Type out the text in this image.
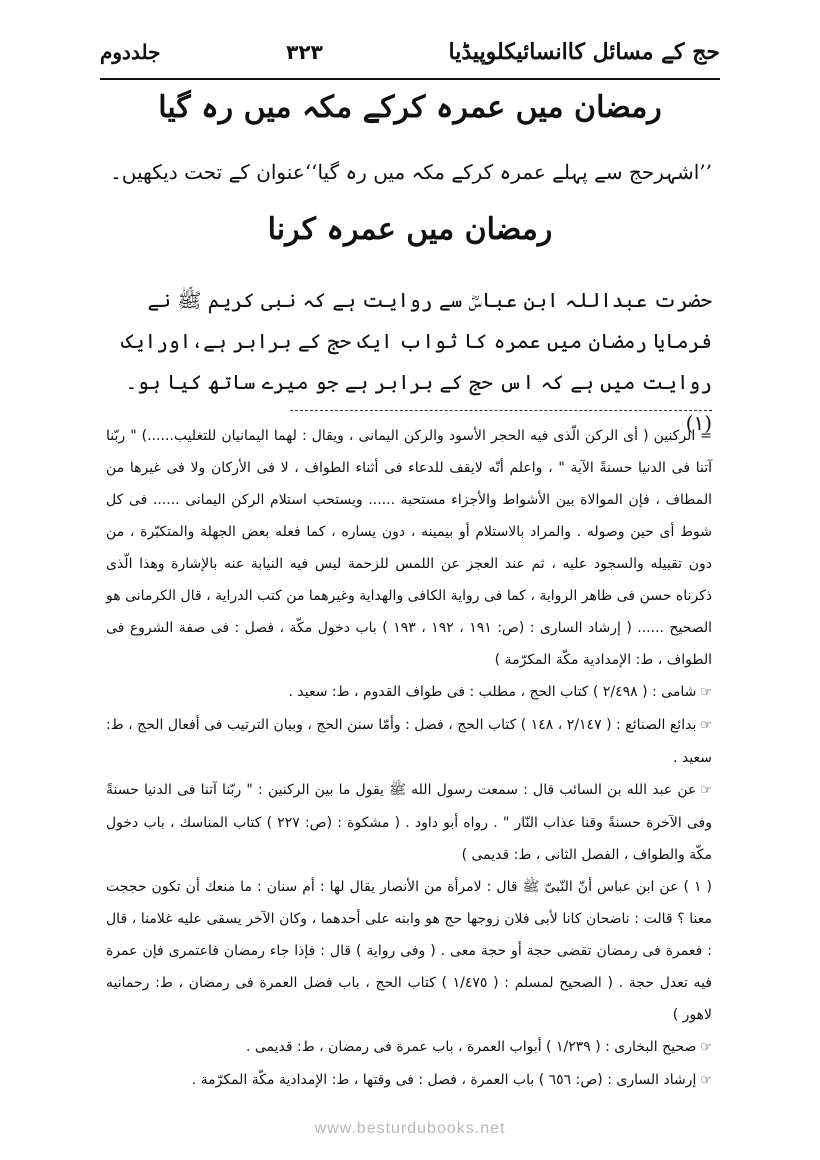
حج کے مسائل کاانسائیکلوپیڈیا
۳۲۳
جلددوم
رمضان میں عمرہ کرکے مکہ میں رہ گیا
’’اشہرحج سے پہلے عمرہ کرکے مکہ میں رہ گیا‘‘عنوان کے تحت دیکھیں۔
رمضان میں عمرہ کرنا
حضرت عبداللہ ابن عباسؓ سے روایت ہے کہ نبی کریم ﷺ نے فرمایا رمضان میں عمرہ کا ثواب ایک حج کے برابر ہے،اورایک روایت میں ہے کہ اس حج کے برابر ہے جو میرے ساتھ کیا ہو۔(۱)

= الركنين ( أى الركن الّذى فيه الحجر الأسود والركن اليمانى ، ويقال : لهما اليمانيان للتغليب......) " ربّنا آتنا فى الدنيا حسنةً الآية " ، واعلم أنّه لايقف للدعاء فى أثناء الطواف ، لا فى الأركان ولا فى غيرها من المطاف ، فإن الموالاة بين الأشواط والأجزاء مستحبة ...... ويستحب استلام الركن اليمانى ...... فى كل شوط أى حين وصوله . والمراد بالاستلام أو بيمينه ، دون يساره ، كما فعله بعض الجهلة والمتكبّرة ، من دون تقبيله والسجود عليه ، ثم عند العجز عن اللمس للزحمة ليس فيه النيابة عنه بالإشارة وهذا الّذى ذكرناه حسن فى ظاهر الرواية ، كما فى رواية الكافى والهداية وغيرهما من كتب الدراية ، قال الكرمانى هو الصحيح ...... ( إرشاد السارى : (ص: ١٩١ ، ١٩٢ ، ١٩٣ ) باب دخول مكّة ، فصل : فى صفة الشروع فى الطواف ، ط: الإمدادية مكّة المكرّمة )

☞شامى : ( ٢/٤٩٨ ) كتاب الحج ، مطلب : فى طواف القدوم ، ط: سعيد .

☞بدائع الصنائع : ( ٢/١٤٧ ، ١٤٨ ) كتاب الحج ، فصل : وأمّا سنن الحج ، وبيان الترتيب فى أفعال الحج ، ط: سعيد .

☞عن عبد الله بن السائب قال : سمعت رسول الله ﷺ يقول ما بين الركنين : " ربّنا آتنا فى الدنيا حسنةً وفى الآخرة حسنةً وقنا عذاب النّار " . رواه أبو داود . ( مشكوة : (ص: ٢٢٧ ) كتاب المناسك ، باب دخول مكّة والطواف ، الفصل الثانى ، ط: قديمى )

( ١ ) عن ابن عباس أنّ النّبىّ ﷺ قال : لامرأة من الأنصار يقال لها : أم سنان : ما منعك أن تكون حججت معنا ؟ قالت : ناضحان كانا لأبى فلان زوجها حج هو وابنه على أحدهما ، وكان الآخر يسقى عليه غلامنا ، قال : فعمرة فى رمضان تقضى حجة أو حجة معى . ( وفى رواية ) قال : فإذا جاء رمضان فاعتمرى فإن عمرة فيه تعدل حجة . ( الصحيح لمسلم : ( ١/٤٧٥ ) كتاب الحج ، باب فضل العمرة فى رمضان ، ط: رحمانيه لاهور )

☞صحيح البخارى : ( ١/٢٣٩ ) أبواب العمرة ، باب عمرة فى رمضان ، ط: قديمى .

☞إرشاد السارى : (ص: ٦٥٦ ) باب العمرة ، فصل : فى وقتها ، ط: الإمدادية مكّة المكرّمة .

www.besturdubooks.net
